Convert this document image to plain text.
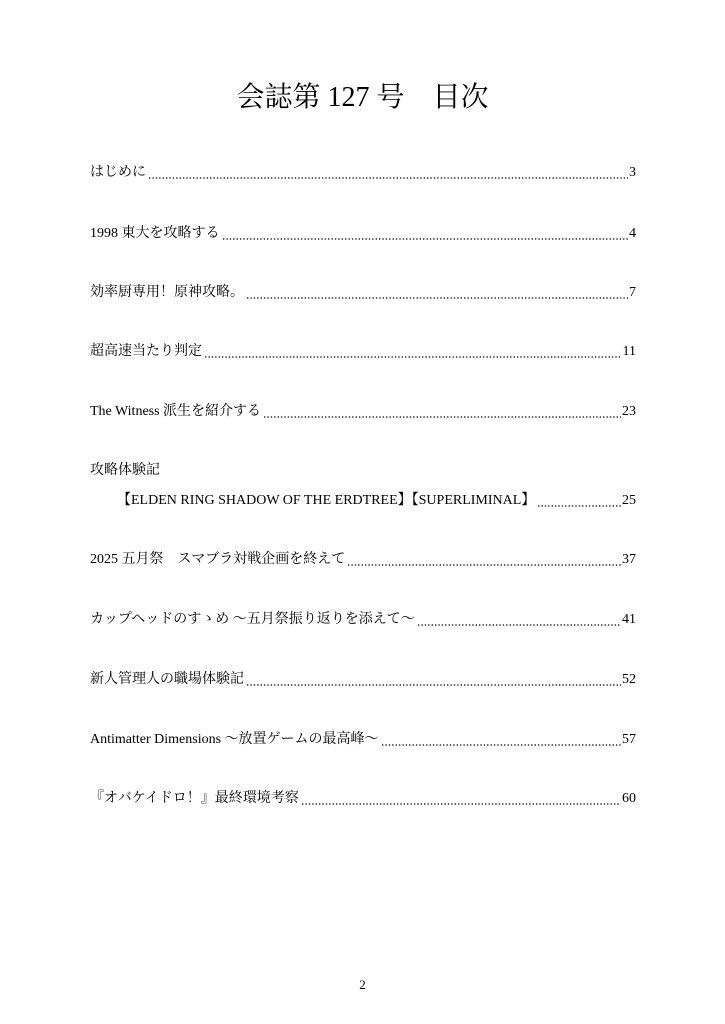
会誌第 127 号　目次
はじめに	3
1998 東大を攻略する	4
効率厨専用！原神攻略。	7
超高速当たり判定	11
The Witness 派生を紹介する	23
攻略体験記
【ELDEN RING SHADOW OF THE ERDTREE】【SUPERLIMINAL】	25
2025 五月祭　スマブラ対戦企画を終えて	37
カップヘッドのすゝめ ～五月祭振り返りを添えて～	41
新人管理人の職場体験記	52
Antimatter Dimensions ～放置ゲームの最高峰～	57
『オバケイドロ！』最終環境考察	60
2
